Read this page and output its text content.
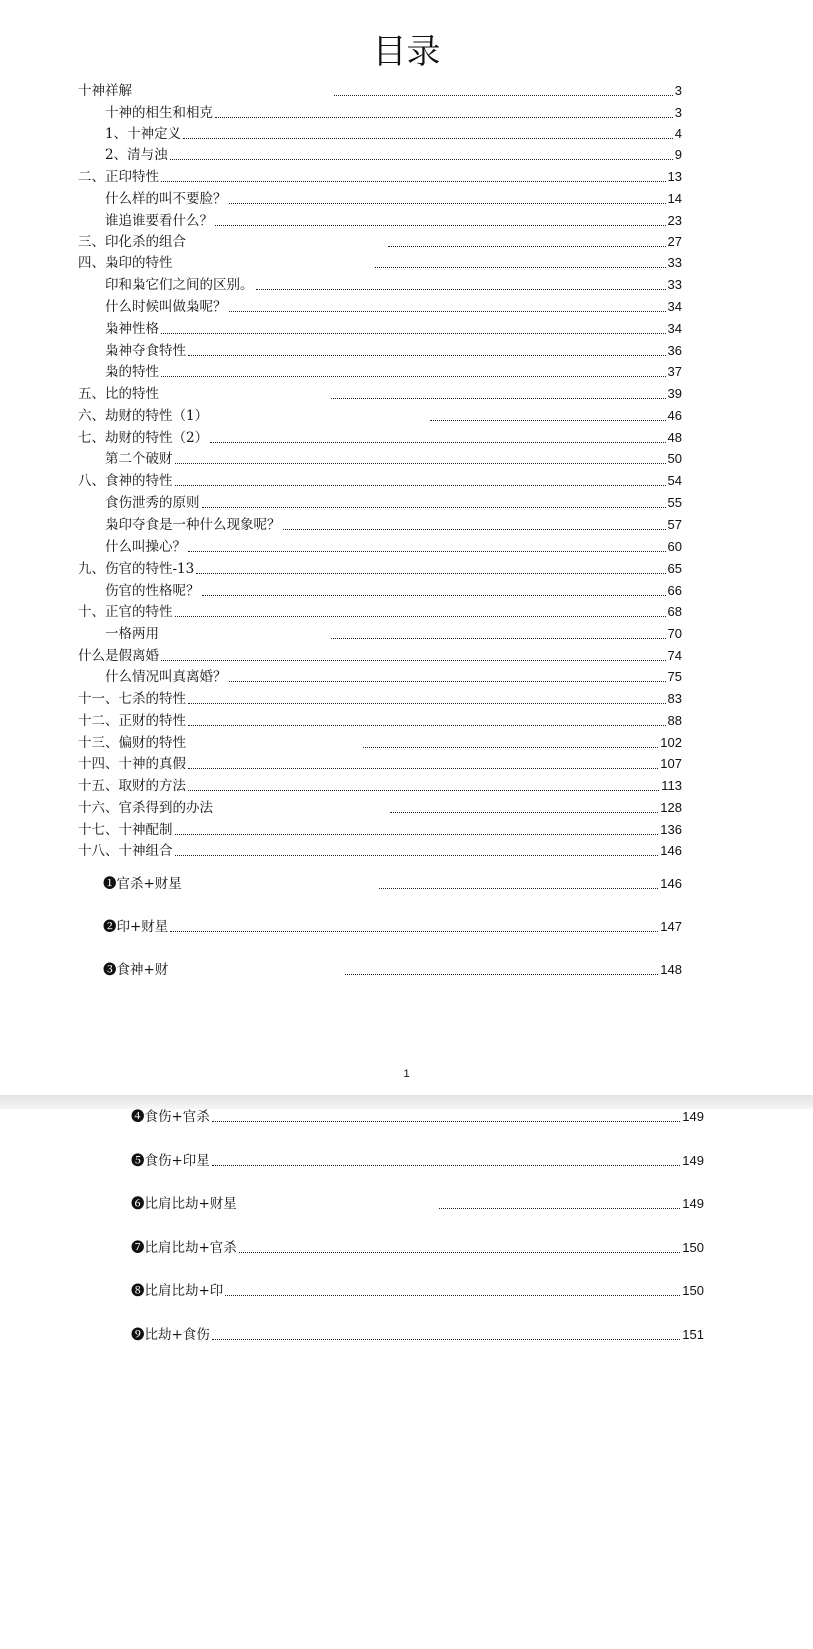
目录
十神祥解	3
十神的相生和相克	3
1、十神定义	4
2、清与浊	9
二、正印特性	13
什么样的叫不要脸？	14
谁追谁要看什么？	23
三、印化杀的组合	27
四、枭印的特性	33
印和枭它们之间的区别。	33
什么时候叫做枭呢？	34
枭神性格	34
枭神夺食特性	36
枭的特性	37
五、比的特性	39
六、劫财的特性（1）	46
七、劫财的特性（2）	48
第二个破财	50
八、食神的特性	54
食伤泄秀的原则	55
枭印夺食是一种什么现象呢？	57
什么叫操心？	60
九、伤官的特性-13	65
伤官的性格呢？	66
十、正官的特性	68
一格两用	70
什么是假离婚	74
什么情况叫真离婚？	75
十一、七杀的特性	83
十二、正财的特性	88
十三、偏财的特性	102
十四、十神的真假	107
十五、取财的方法	113
十六、官杀得到的办法	128
十七、十神配制	136
十八、十神组合	146
❶官杀+财星	146
❷印+财星	147
❸食神+财	148
1
❹食伤+官杀	149
❺食伤+印星	149
❻比肩比劫+财星	149
❼比肩比劫+官杀	150
❽比肩比劫+印	150
❾比劫+食伤	151
